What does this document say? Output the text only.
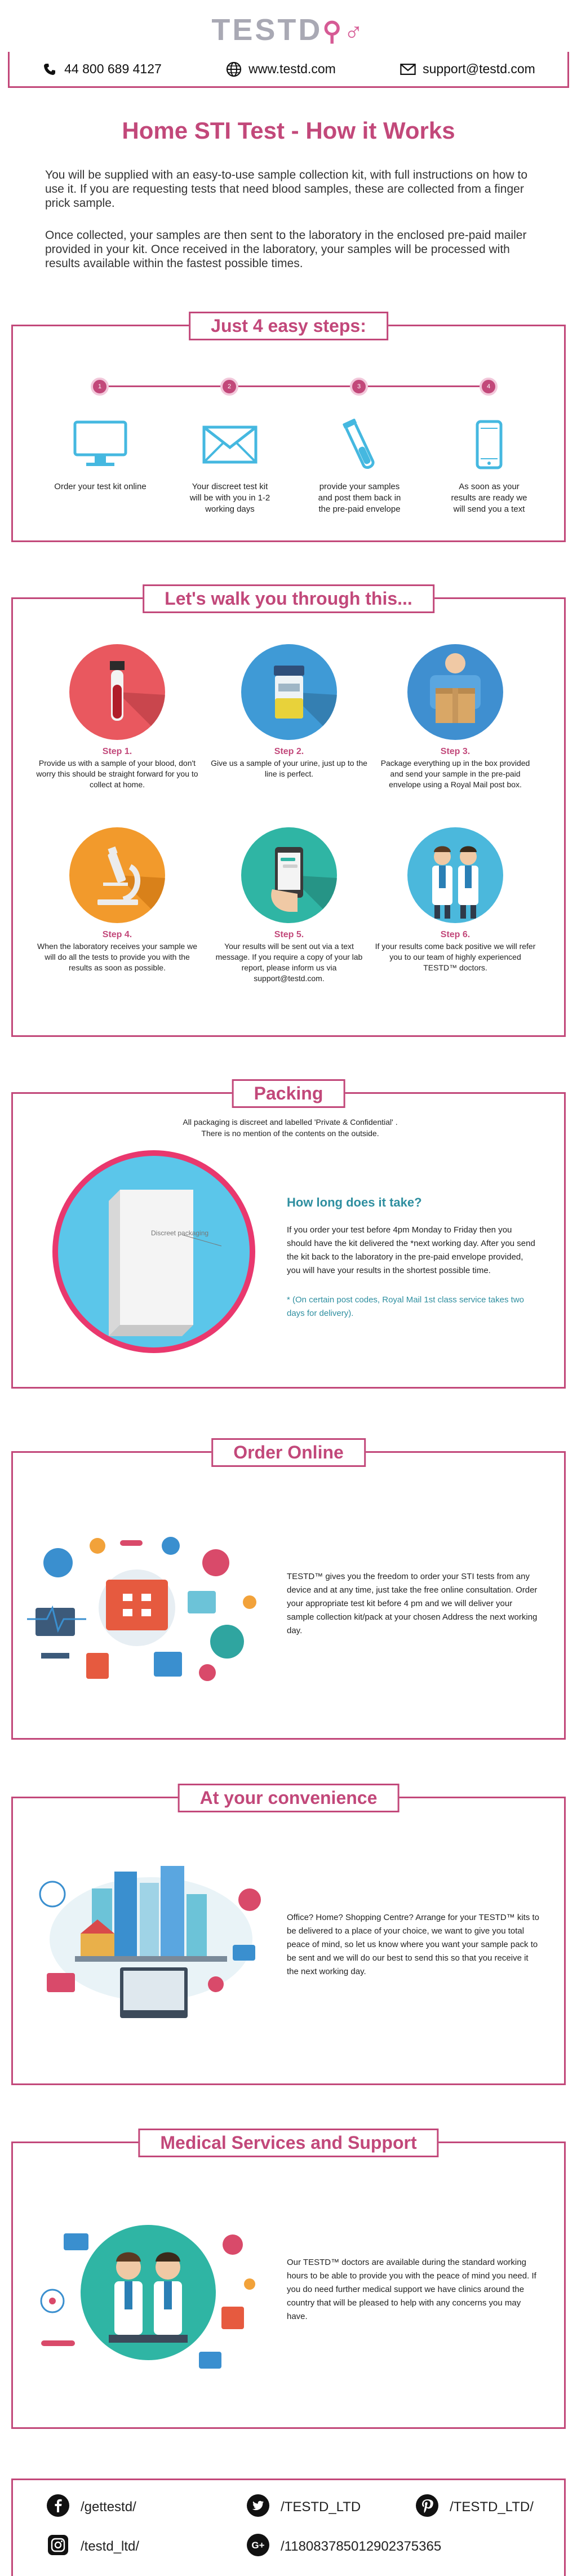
TESTD⚲♂
44 800 689 4127	www.testd.com	support@testd.com
Home STI Test - How it Works

You will be supplied with an easy-to-use sample collection kit, with full instructions on how to use it. If you are requesting tests that need blood samples, these are collected from a finger prick sample.

Once collected, your samples are then sent to the laboratory in the enclosed pre-paid mailer provided in your kit. Once received in the laboratory, your samples will be processed with results available within the fastest possible times.

Just 4 easy steps:
1	2	3	4
Order your test kit online	Your discreet test kit will be with you in 1-2 working days
provide your samples and post them back in the pre-paid envelope
As soon as your results are ready we will send you a text
Let's walk you through this...
Step 1.
Provide us with a sample of your blood, don't worry this should be straight forward for you to collect at home.
Step 2.
Give us a sample of your urine, just up to the line is perfect.
Step 3.
Package everything up in the box provided and send your sample in the pre-paid envelope using a Royal Mail post box.
Step 4.
When the laboratory receives your sample we will do all the tests to provide you with the results as soon as possible.
Step 5.
Your results will be sent out via a text message. If you require a copy of your lab report, please inform us via support@testd.com.
Step 6.
If your results come back positive we will refer you to our team of highly experienced TESTD™ doctors.
Packing
All packaging is discreet and labelled 'Private & Confidential' .
There is no mention of the contents on the outside.
Discreet packaging
How long does it take?

If you order your test before 4pm Monday to Friday then you should have the kit delivered the *next working day. After you send the kit back to the laboratory in the pre-paid envelope provided, you will have your results in the shortest possible time.

* (On certain post codes, Royal Mail 1st class service takes two days for delivery).

Order Online

TESTD™ gives you the freedom to order your STI tests from any device and at any time, just take the free online consultation. Order your appropriate test kit before 4 pm and we will deliver your sample collection kit/pack at your chosen Address the next working day.

At your convenience

Office? Home? Shopping Centre? Arrange for your TESTD™ kits to be delivered to a place of your choice, we want to give you total peace of mind, so let us know where you want your sample pack to be sent and we will do our best to send this so that you receive it the next working day.

Medical Services and Support

Our TESTD™ doctors are available during the standard working hours to be able to provide you with the peace of mind you need. If you do need further medical support we have clinics around the country that will be pleased to help with any concerns you may have.

/gettestd/	/TESTD_LTD	/TESTD_LTD/
/testd_ltd/	G+ /118083785012902375365
